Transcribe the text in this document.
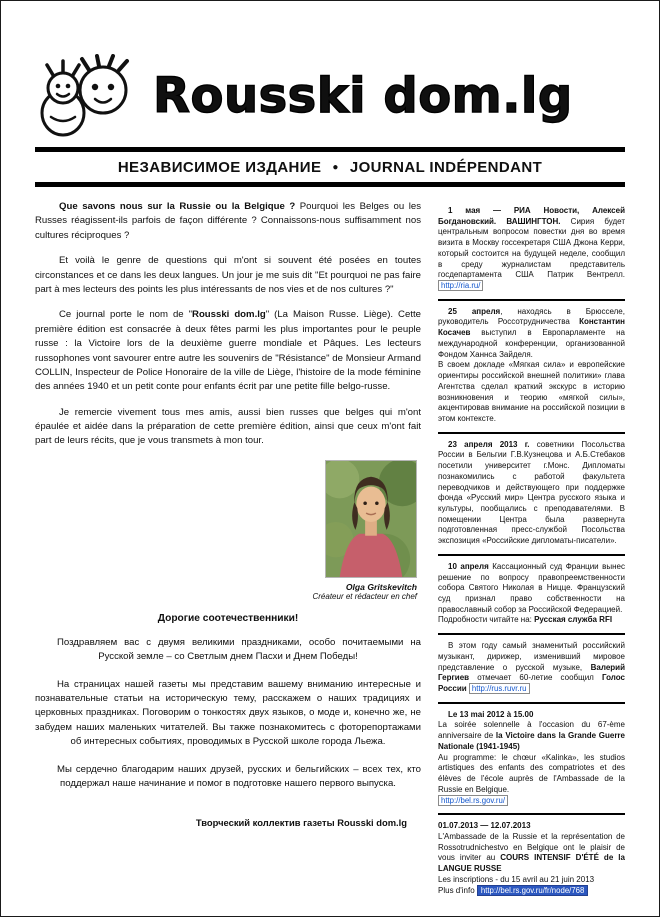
Rousski dom.lg
НЕЗАВИСИМОЕ ИЗДАНИЕ ● JOURNAL INDÉPENDANT

Que savons nous sur la Russie ou la Belgique ? Pourquoi les Belges ou les Russes réagissent-ils parfois de façon différente ? Connaissons-nous suffisamment nos cultures réciproques ?

Et voilà le genre de questions qui m'ont si souvent été posées en toutes circonstances et ce dans les deux langues. Un jour je me suis dit "Et pourquoi ne pas faire part à mes lecteurs des points les plus intéressants de nos vies et de nos cultures ?"

Ce journal porte le nom de "Rousski dom.lg" (La Maison Russe. Liège). Cette première édition est consacrée à deux fêtes parmi les plus importantes pour le peuple russe : la Victoire lors de la deuxième guerre mondiale et Pâques. Les lecteurs russophones vont savourer entre autre les souvenirs de "Résistance" de Monsieur Armand COLLIN, Inspecteur de Police Honoraire de la ville de Liège, l'histoire de la mode féminine des années 1940 et un petit conte pour enfants écrit par une petite fille belgo-russe.

Je remercie vivement tous mes amis, aussi bien russes que belges qui m'ont épaulée et aidée dans la préparation de cette première édition, ainsi que ceux m'ont fait part de leurs récits, que je vous transmets à mon tour.

Olga Gritskevitch
Créateur et rédacteur en chef
Дорогие соотечественники!

Поздравляем вас с двумя великими праздниками, особо почитаемыми на Русской земле – со Светлым днем Пасхи и Днем Победы!

На страницах нашей газеты мы представим вашему вниманию интересные и познавательные статьи на историческую тему, расскажем о наших традициях и церковных праздниках. Поговорим о тонкостях двух языков, о моде и, конечно же, не забудем наших маленьких читателей. Вы также познакомитесь с фоторепортажами об интересных событиях, проводимых в Русской школе города Льежа.

Мы сердечно благодарим наших друзей, русских и бельгийских – всех тех, кто поддержал наше начинание и помог в подготовке нашего первого выпуска.

Творческий коллектив газеты Rousski dom.lg
1 мая — РИА Новости, Алексей Богдановский. ВАШИНГТОН. Сирия будет центральным вопросом повестки дня во время визита в Москву госсекретаря США Джона Керри, который состоится на будущей неделе, сообщил в среду журналистам представитель госдепартамента США Патрик Вентрелл. http://ria.ru/
25 апреля, находясь в Брюсселе, руководитель Россотрудничества Константин Косачев выступил в Европарламенте на международной конференции, организованной Фондом Ханнса Зайделя.
В своем докладе «Мягкая сила» и европейские ориентиры российской внешней политики» глава Агентства сделал краткий экскурс в историю возникновения и теорию «мягкой силы», акцентировав внимание на российской позиции в этом контексте.
23 апреля 2013 г. советники Посольства России в Бельгии Г.В.Кузнецова и А.Б.Стебаков посетили университет г.Монс. Дипломаты познакомились с работой факультета переводчиков и действующего при поддержке фонда «Русский мир» Центра русского языка и культуры, пообщались с преподавателями. В помещении Центра была развернута подготовленная пресс-службой Посольства экспозиция «Российские дипломаты-писатели».
10 апреля Кассационный суд Франции вынес решение по вопросу правопреемственности собора Святого Николая в Ницце. Французский суд признал право собственности на православный собор за Российской Федерацией.
Подробности читайте на: Русская служба RFI
В этом году самый знаменитый российский музыкант, дирижер, изменивший мировое представление о русской музыке, Валерий Гергиев отмечает 60-летие сообщил Голос России http://rus.ruvr.ru
Le 13 mai 2012 à 15.00
La soirée solennelle à l'occasion du 67-ème anniversaire de la Victoire dans la Grande Guerre Nationale (1941-1945)
Au programme: le chœur «Kalinka», les studios artistiques des enfants des compatriotes et des élèves de l'école auprès de l'Ambassade de la Russie en Belgique.
http://bel.rs.gov.ru/
01.07.2013 — 12.07.2013
L'Ambassade de la Russie et la représentation de Rossotrudnichestvo en Belgique ont le plaisir de vous inviter au COURS INTENSIF D'ÉTÉ de la LANGUE RUSSE
Les inscriptions - du 15 avril au 21 juin 2013
Plus d'info http://bel.rs.gov.ru/fr/node/768
